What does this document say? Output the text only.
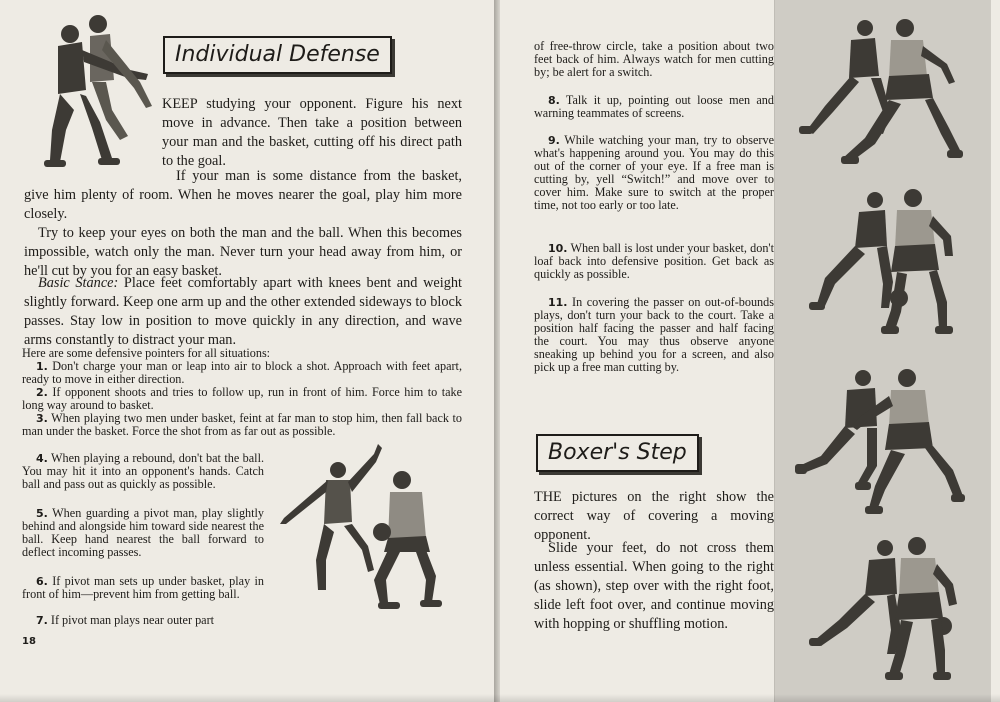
Individual Defense

KEEP studying your opponent. Figure his next move in advance. Then take a position between your man and the basket, cutting off his direct path to the goal.

If your man is some distance from the basket, give him plenty of room. When he moves nearer the goal, play him more closely.

Try to keep your eyes on both the man and the ball. When this becomes impossible, watch only the man. Never turn your head away from him, or he'll cut by you for an easy basket.

Basic Stance: Place feet comfortably apart with knees bent and weight slightly forward. Keep one arm up and the other extended sideways to block passes. Stay low in position to move quickly in any direction, and wave arms constantly to distract your man.

Here are some defensive pointers for all situations:

1. Don't charge your man or leap into air to block a shot. Approach with feet apart, ready to move in either direction.

2. If opponent shoots and tries to follow up, run in front of him. Force him to take long way around to basket.

3. When playing two men under basket, feint at far man to stop him, then fall back to man under the basket. Force the shot from as far out as possible.

4. When playing a rebound, don't bat the ball. You may hit it into an opponent's hands. Catch ball and pass out as quickly as possible.

5. When guarding a pivot man, play slightly behind and alongside him toward side nearest the ball. Keep hand nearest the ball forward to deflect incoming passes.

6. If pivot man sets up under basket, play in front of him—prevent him from getting ball.

7. If pivot man plays near outer part

18

of free-throw circle, take a position about two feet back of him. Always watch for men cutting by; be alert for a switch.

8. Talk it up, pointing out loose men and warning teammates of screens.

9. While watching your man, try to observe what's happening around you. You may do this out of the corner of your eye. If a free man is cutting by, yell “Switch!” and move over to cover him. Make sure to switch at the proper time, not too early or too late.

10. When ball is lost under your basket, don't loaf back into defensive position. Get back as quickly as possible.

11. In covering the passer on out-of-bounds plays, don't turn your back to the court. Take a position half facing the passer and half facing the court. You may thus observe anyone sneaking up behind you for a screen, and also pick up a free man cutting by.

Boxer's Step

THE pictures on the right show the correct way of covering a moving opponent.

Slide your feet, do not cross them unless essential. When going to the right (as shown), step over with the right foot, slide left foot over, and continue moving with hopping or shuffling motion.
